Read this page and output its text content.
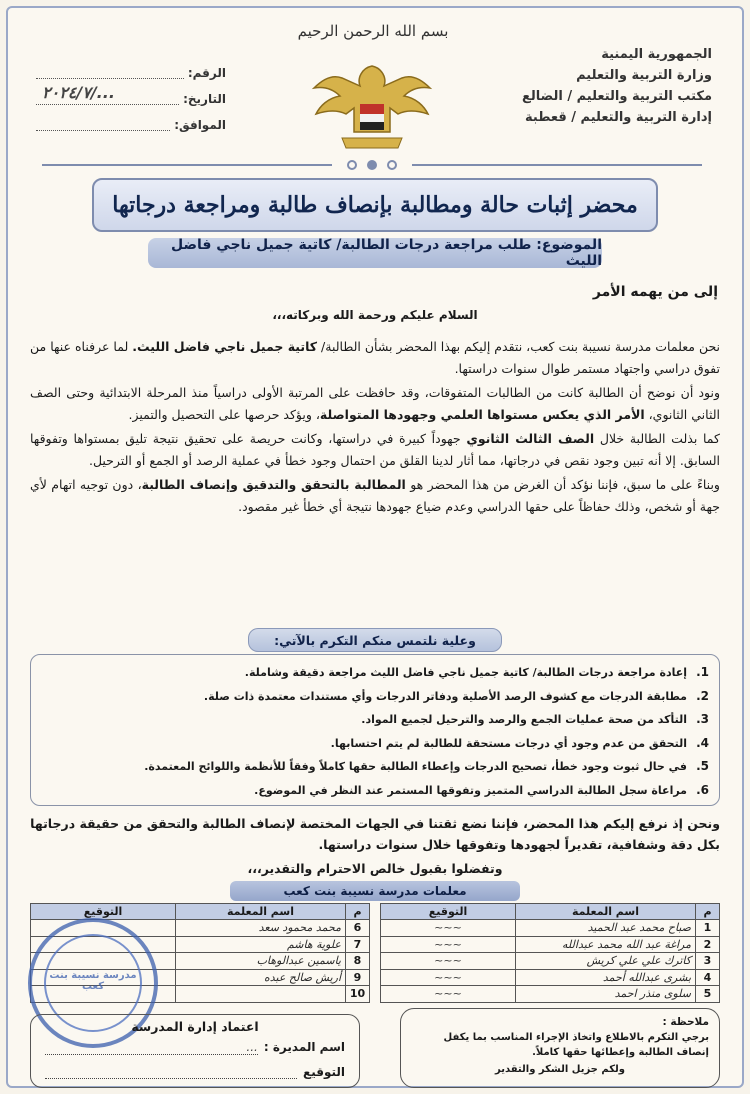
الجمهورية اليمنية
وزارة التربية والتعليم
مكتب التربية والتعليم / الضالع
إدارة التربية والتعليم / قعطبة
بسم الله الرحمن الرحيم
محضر إثبات حالة ومطالبة بإنصاف طالبة ومراجعة درجاتها
الموضوع: طلب مراجعة درجات الطالبة/ كاتية جميل ناجي فاضل الليث
إلى من يهمه الأمر
السلام عليكم ورحمة الله وبركاته،،،

نحن معلمات مدرسة نسيبة بنت كعب، نتقدم إليكم بهذا المحضر بشأن الطالبة/ كاتية جميل ناجي فاضل الليث. لما عرفناه عنها من تفوق دراسي واجتهاد مستمر طوال سنوات دراستها.

ونود أن نوضح أن الطالبة كانت من الطالبات المتفوقات، وقد حافظت على المرتبة الأولى دراسياً منذ المرحلة الابتدائية وحتى الصف الثاني الثانوي، الأمر الذي يعكس مستواها العلمي وجهودها المتواصلة، ويؤكد حرصها على التحصيل والتميز.

كما بذلت الطالبة خلال الصف الثالث الثانوي جهوداً كبيرة في دراستها، وكانت حريصة على تحقيق نتيجة تليق بمستواها وتفوقها السابق. إلا أنه تبين وجود نقص في درجاتها، مما أثار لدينا القلق من احتمال وجود خطأ في عملية الرصد أو الجمع أو الترحيل.

وبناءً على ما سبق، فإننا نؤكد أن الغرض من هذا المحضر هو المطالبة بالتحقق والتدقيق وإنصاف الطالبة، دون توجيه اتهام لأي جهة أو شخص، وذلك حفاظاً على حقها الدراسي وعدم ضياع جهودها نتيجة أي خطأ غير مقصود.

وعلية نلتمس منكم التكرم بالآتي:
1.
إعادة مراجعة درجات الطالبة/ كاتية جميل ناجي فاضل الليث مراجعة دقيقة وشاملة.
2.
مطابقة الدرجات مع كشوف الرصد الأصلية ودفاتر الدرجات وأي مستندات معتمدة ذات صلة.
3.
التأكد من صحة عمليات الجمع والرصد والترحيل لجميع المواد.
4.
التحقق من عدم وجود أي درجات مستحقة للطالبة لم يتم احتسابها.
5.
في حال ثبوت وجود خطأ، تصحيح الدرجات وإعطاء الطالبة حقها كاملاً وفقاً للأنظمة واللوائح المعتمدة.
6.
مراعاة سجل الطالبة الدراسي المتميز وتفوقها المستمر عند النظر في الموضوع.
ونحن إذ نرفع إليكم هذا المحضر، فإننا نضع ثقتنا في الجهات المختصة لإنصاف الطالبة والتحقق من حقيقة درجاتها بكل دقة وشفافية، تقديراً لجهودها وتفوقها خلال سنوات دراستها.
وتفضلوا بقبول خالص الاحترام والتقدير،،،
معلمات مدرسة نسيبة بنت كعب
م	اسم المعلمة	التوقيع
1	صباح محمد عبد الحميد	~~~
2	مراغة عبد الله محمد عبدالله	~~~
3	كاترك علي علي كريش	~~~
4	بشرى عبدالله أحمد	~~~
5	سلوى منذر احمد	~~~
م	اسم المعلمة	التوقيع
6	محمد محمود سعد	
7	علوية هاشم	
8	ياسمين عبدالوهاب	
9	أريش صالح عبده	
10		
مدرسة نسيبة بنت كعب
ملاحظة :
برجي التكرم بالاطلاع واتخاذ الإجراء المناسب بما يكفل إنصاف الطالبة وإعطائها حقها كاملاً.
ولكم جزيل الشكر والتقدير
اعتماد إدارة المدرسة
اسم المديرة :
...
التوقيع
الرقم
:
التاريخ
:
٢٠٢٤/٧/...
الموافق
:
